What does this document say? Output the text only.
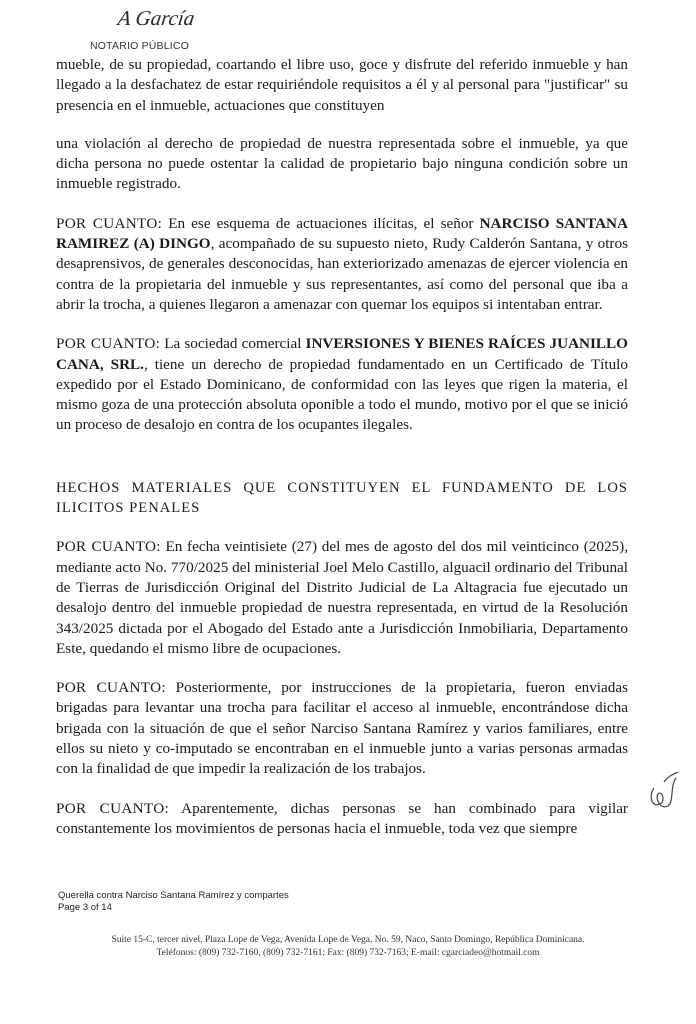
A García
NOTARIO PÚBLICO

mueble, de su propiedad, coartando el libre uso, goce y disfrute del referido inmueble y han llegado a la desfachatez de estar requiriéndole requisitos a él y al personal para "justificar" su presencia en el inmueble, actuaciones que constituyen

una violación al derecho de propiedad de nuestra representada sobre el inmueble, ya que dicha persona no puede ostentar la calidad de propietario bajo ninguna condición sobre un inmueble registrado.

POR CUANTO: En ese esquema de actuaciones ilícitas, el señor NARCISO SANTANA RAMIREZ (A) DINGO, acompañado de su supuesto nieto, Rudy Calderón Santana, y otros desaprensivos, de generales desconocidas, han exteriorizado amenazas de ejercer violencia en contra de la propietaria del inmueble y sus representantes, así como del personal que iba a abrir la trocha, a quienes llegaron a amenazar con quemar los equipos si intentaban entrar.

POR CUANTO: La sociedad comercial INVERSIONES Y BIENES RAÍCES JUANILLO CANA, SRL., tiene un derecho de propiedad fundamentado en un Certificado de Título expedido por el Estado Dominicano, de conformidad con las leyes que rigen la materia, el mismo goza de una protección absoluta oponible a todo el mundo, motivo por el que se inició un proceso de desalojo en contra de los ocupantes ilegales.

HECHOS MATERIALES QUE CONSTITUYEN EL FUNDAMENTO DE LOS ILICITOS PENALES

POR CUANTO: En fecha veintisiete (27) del mes de agosto del dos mil veinticinco (2025), mediante acto No. 770/2025 del ministerial Joel Melo Castillo, alguacil ordinario del Tribunal de Tierras de Jurisdicción Original del Distrito Judicial de La Altagracia fue ejecutado un desalojo dentro del inmueble propiedad de nuestra representada, en virtud de la Resolución 343/2025 dictada por el Abogado del Estado ante a Jurisdicción Inmobiliaria, Departamento Este, quedando el mismo libre de ocupaciones.

POR CUANTO: Posteriormente, por instrucciones de la propietaria, fueron enviadas brigadas para levantar una trocha para facilitar el acceso al inmueble, encontrándose dicha brigada con la situación de que el señor Narciso Santana Ramírez y varios familiares, entre ellos su nieto y co-imputado se encontraban en el inmueble junto a varias personas armadas con la finalidad de que impedir la realización de los trabajos.

POR CUANTO: Aparentemente, dichas personas se han combinado para vigilar constantemente los movimientos de personas hacia el inmueble, toda vez que siempre

Querella contra Narciso Santana Ramírez y compartes
Page 3 of 14
Suite 15-C, tercer nivel, Plaza Lope de Vega, Avenida Lope de Vega, No. 59, Naco, Santo Domingo, República Dominicana.
Teléfonos: (809) 732-7160, (809) 732-7161; Fax: (809) 732-7163; E-mail: cgarciadeo@hotmail.com
